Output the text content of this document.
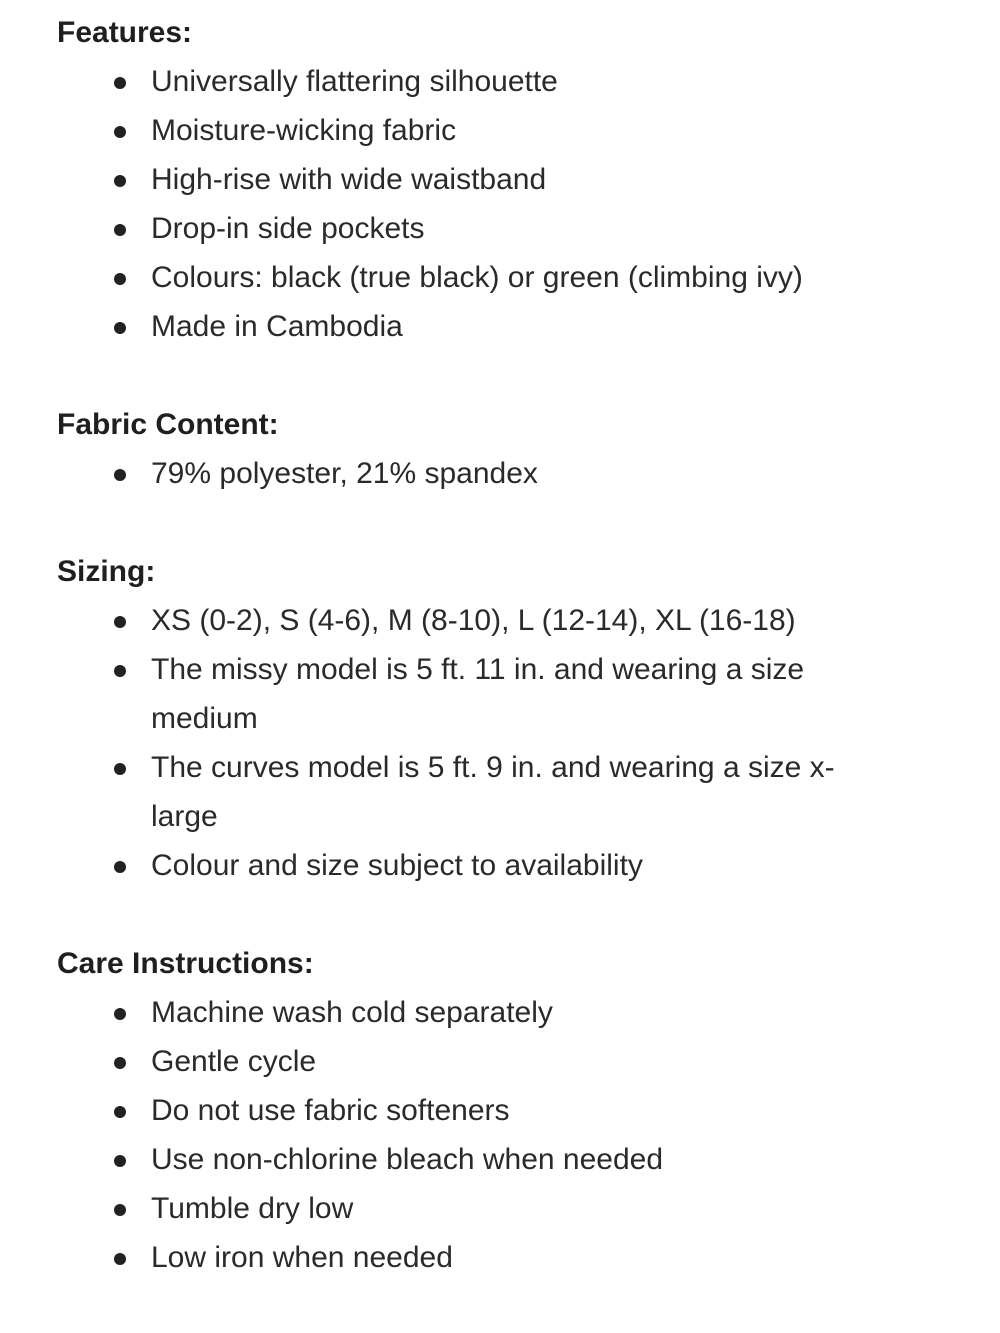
Features:
Universally flattering silhouette
Moisture-wicking fabric
High-rise with wide waistband
Drop-in side pockets
Colours: black (true black) or green (climbing ivy)
Made in Cambodia
Fabric Content:
79% polyester, 21% spandex
Sizing:
XS (0-2), S (4-6), M (8-10), L (12-14), XL (16-18)
The missy model is 5 ft. 11 in. and wearing a size medium
The curves model is 5 ft. 9 in. and wearing a size x-large
Colour and size subject to availability
Care Instructions:
Machine wash cold separately
Gentle cycle
Do not use fabric softeners
Use non-chlorine bleach when needed
Tumble dry low
Low iron when needed
